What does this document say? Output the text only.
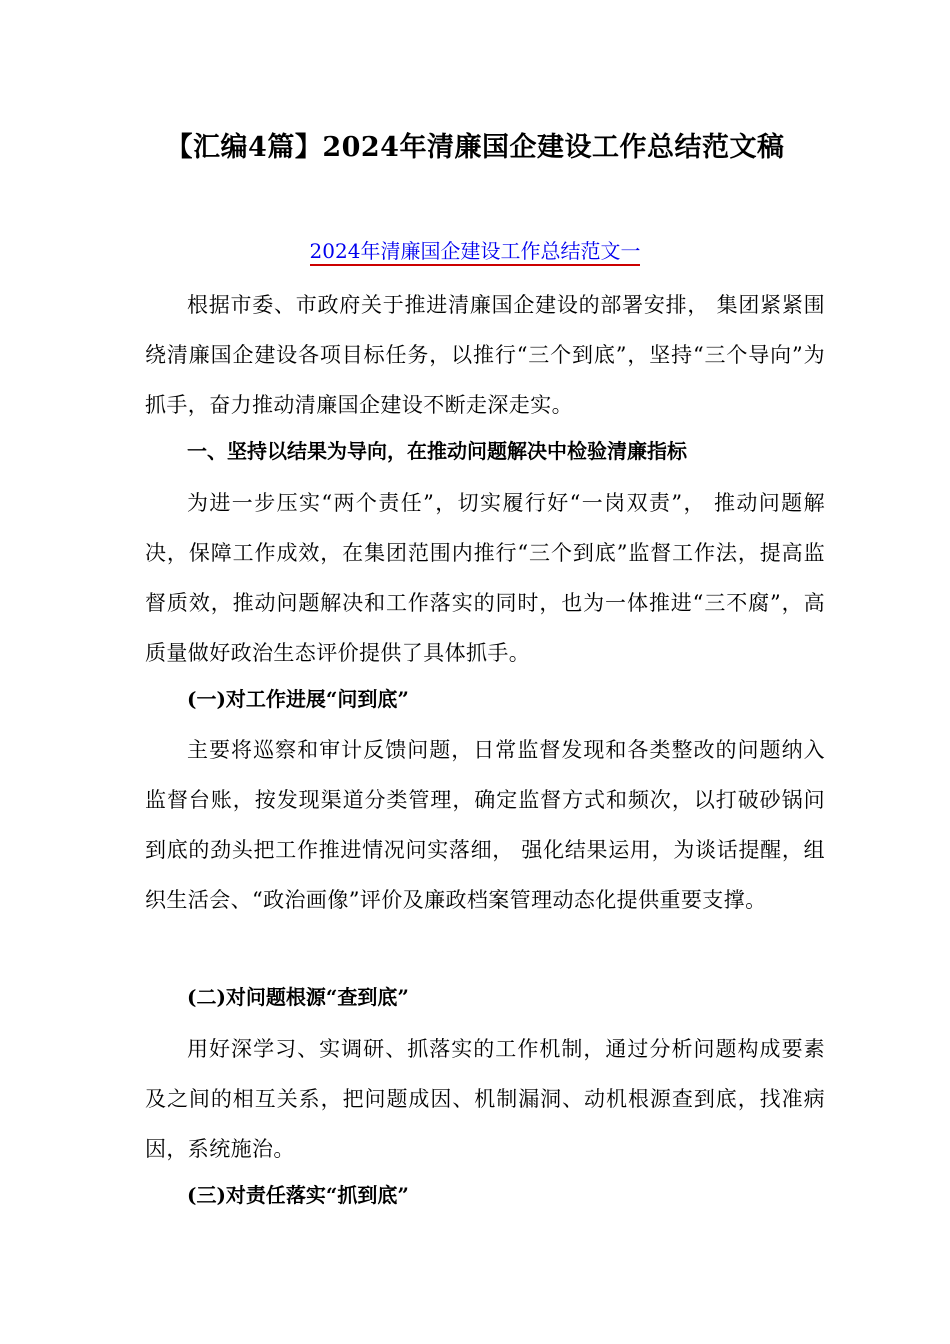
【汇编4篇】2024年清廉国企建设工作总结范文稿
2024年清廉国企建设工作总结范文一
根据市委、市政府关于推进清廉国企建设的部署安排， 集团紧紧围绕清廉国企建设各项目标任务，以推行“三个到底”，坚持“三个导向”为抓手，奋力推动清廉国企建设不断走深走实。
一、坚持以结果为导向，在推动问题解决中检验清廉指标
为进一步压实“两个责任”，切实履行好“一岗双责”， 推动问题解决，保障工作成效，在集团范围内推行“三个到底”监督工作法，提高监督质效，推动问题解决和工作落实的同时，也为一体推进“三不腐”，高质量做好政治生态评价提供了具体抓手。
(一)对工作进展“问到底”
主要将巡察和审计反馈问题，日常监督发现和各类整改的问题纳入监督台账，按发现渠道分类管理，确定监督方式和频次，以打破砂锅问到底的劲头把工作推进情况问实落细， 强化结果运用，为谈话提醒，组织生活会、“政治画像”评价及廉政档案管理动态化提供重要支撑。
(二)对问题根源“查到底”
用好深学习、实调研、抓落实的工作机制，通过分析问题构成要素及之间的相互关系，把问题成因、机制漏洞、动机根源查到底，找准病因，系统施治。
(三)对责任落实“抓到底”
